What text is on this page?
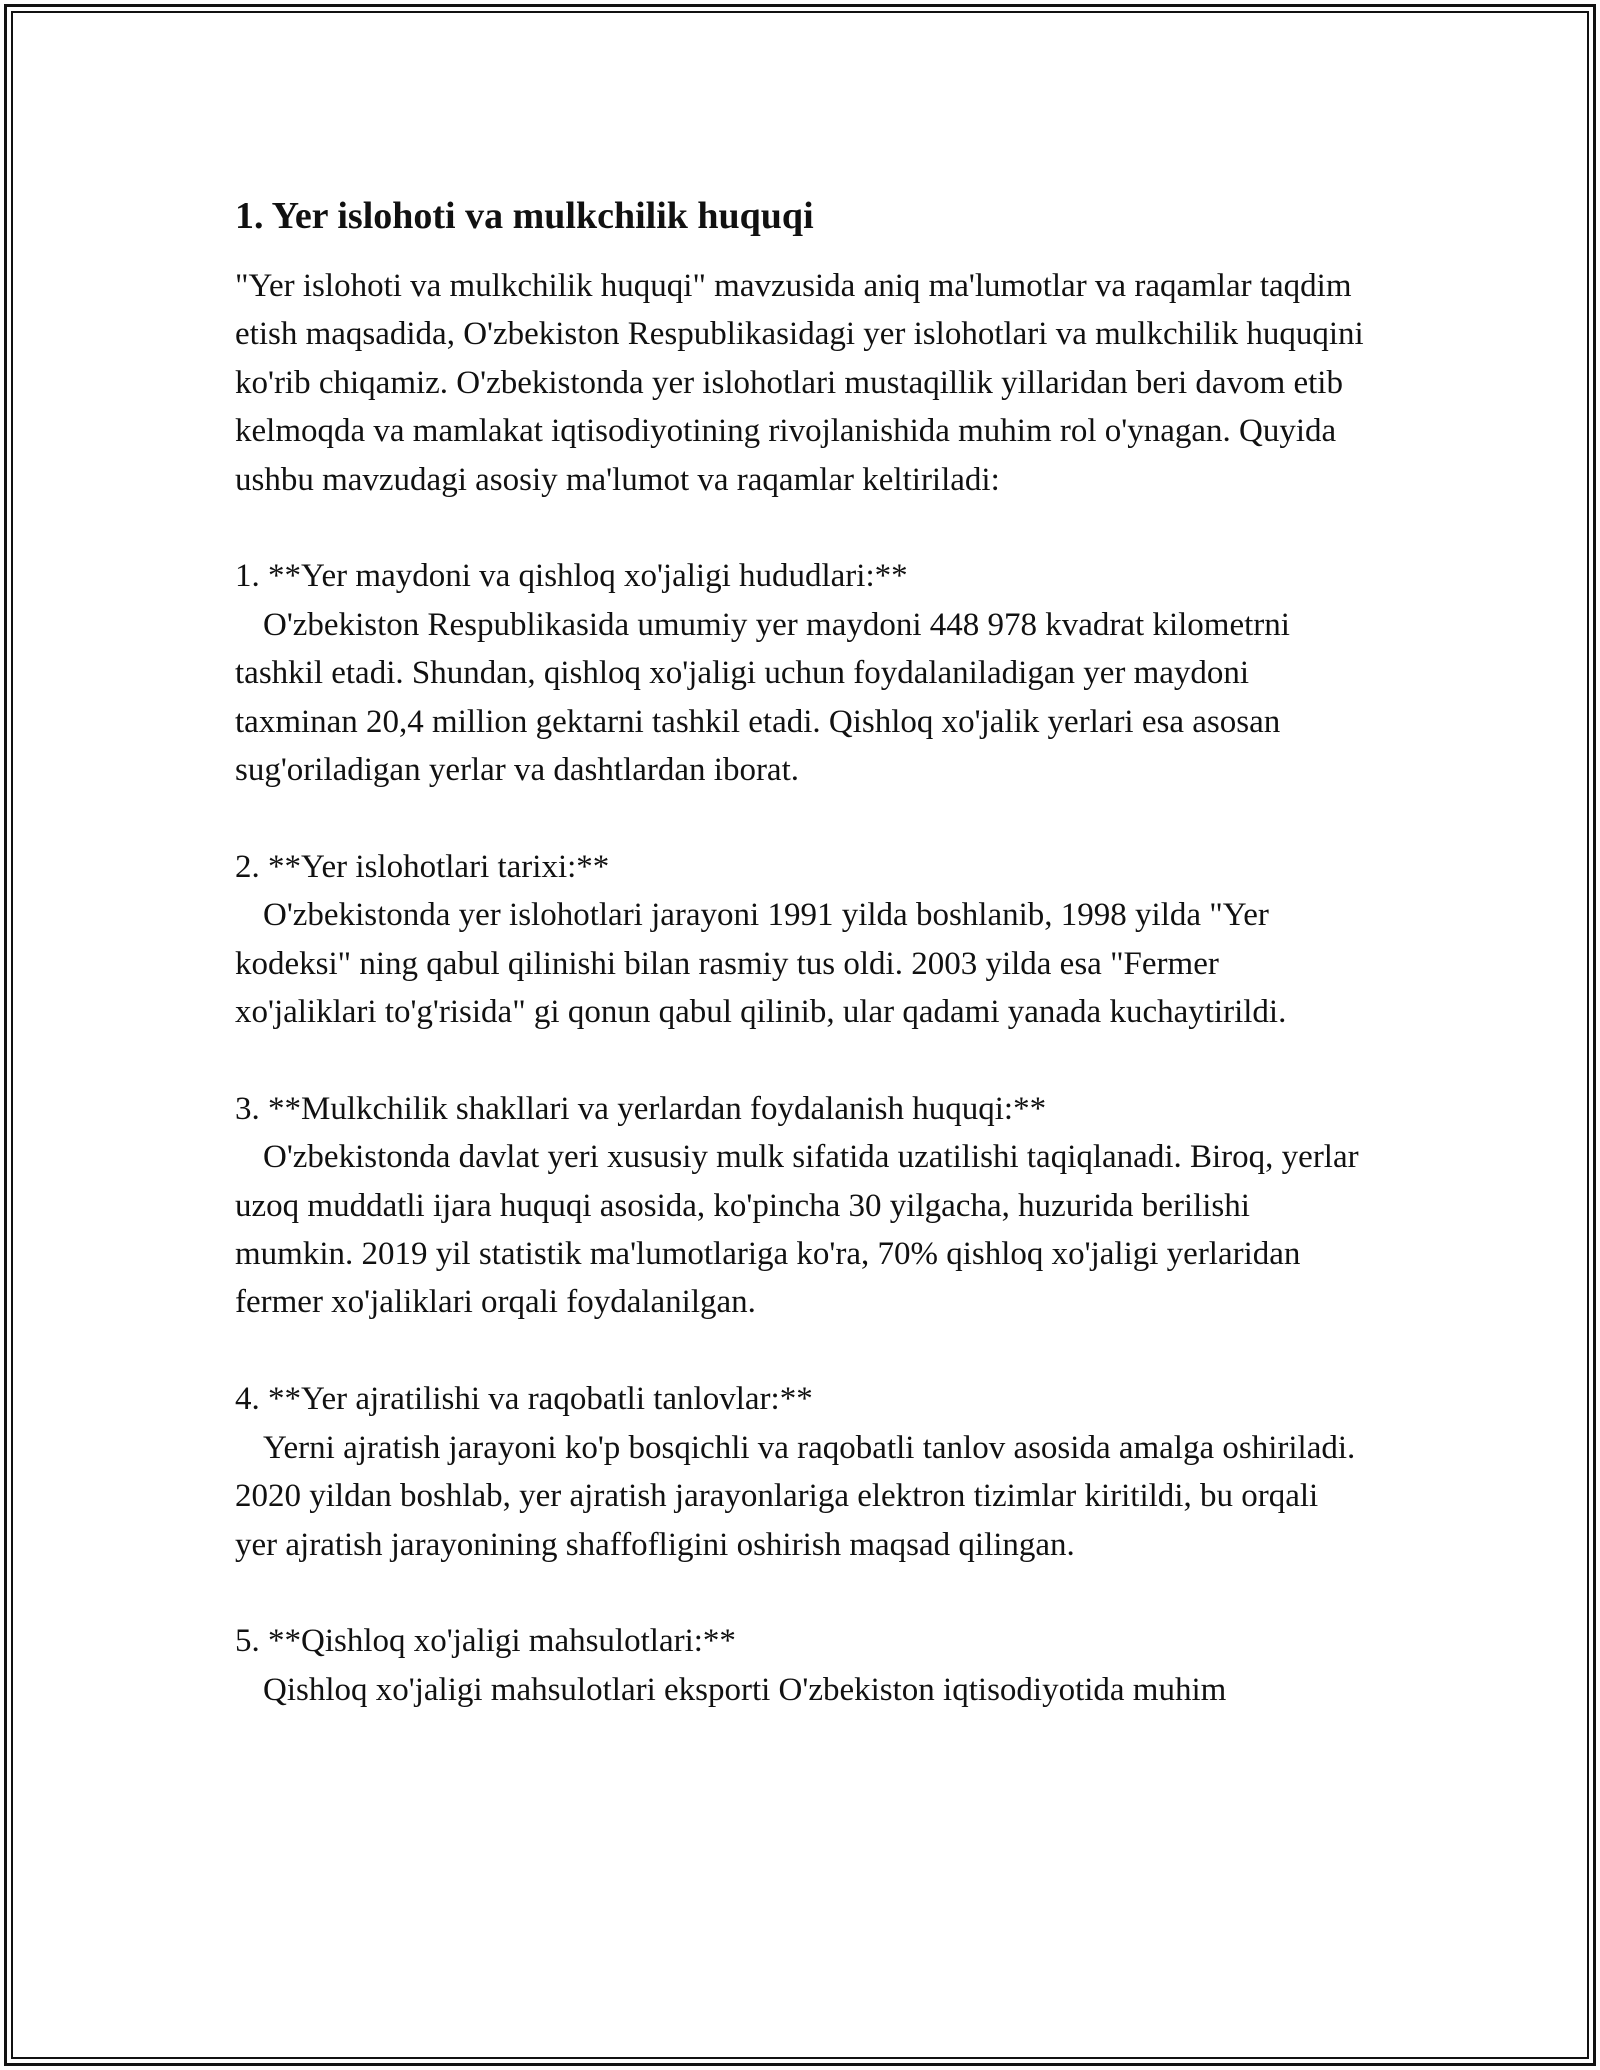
1. Yer islohoti va mulkchilik huquqi

"Yer islohoti va mulkchilik huquqi" mavzusida aniq ma'lumotlar va raqamlar taqdim etish maqsadida, O'zbekiston Respublikasidagi yer islohotlari va mulkchilik huquqini ko'rib chiqamiz. O'zbekistonda yer islohotlari mustaqillik yillaridan beri davom etib kelmoqda va mamlakat iqtisodiyotining rivojlanishida muhim rol o'ynagan. Quyida ushbu mavzudagi asosiy ma'lumot va raqamlar keltiriladi:

1. **Yer maydoni va qishloq xo'jaligi hududlari:**

O'zbekiston Respublikasida umumiy yer maydoni 448 978 kvadrat kilometrni tashkil etadi. Shundan, qishloq xo'jaligi uchun foydalaniladigan yer maydoni taxminan 20,4 million gektarni tashkil etadi. Qishloq xo'jalik yerlari esa asosan sug'oriladigan yerlar va dashtlardan iborat.

2. **Yer islohotlari tarixi:**

O'zbekistonda yer islohotlari jarayoni 1991 yilda boshlanib, 1998 yilda "Yer kodeksi" ning qabul qilinishi bilan rasmiy tus oldi. 2003 yilda esa "Fermer xo'jaliklari to'g'risida" gi qonun qabul qilinib, ular qadami yanada kuchaytirildi.

3. **Mulkchilik shakllari va yerlardan foydalanish huquqi:**

O'zbekistonda davlat yeri xususiy mulk sifatida uzatilishi taqiqlanadi. Biroq, yerlar uzoq muddatli ijara huquqi asosida, ko'pincha 30 yilgacha, huzurida berilishi mumkin. 2019 yil statistik ma'lumotlariga ko'ra, 70% qishloq xo'jaligi yerlaridan fermer xo'jaliklari orqali foydalanilgan.

4. **Yer ajratilishi va raqobatli tanlovlar:**

Yerni ajratish jarayoni ko'p bosqichli va raqobatli tanlov asosida amalga oshiriladi. 2020 yildan boshlab, yer ajratish jarayonlariga elektron tizimlar kiritildi, bu orqali yer ajratish jarayonining shaffofligini oshirish maqsad qilingan.

5. **Qishloq xo'jaligi mahsulotlari:**

Qishloq xo'jaligi mahsulotlari eksporti O'zbekiston iqtisodiyotida muhim
